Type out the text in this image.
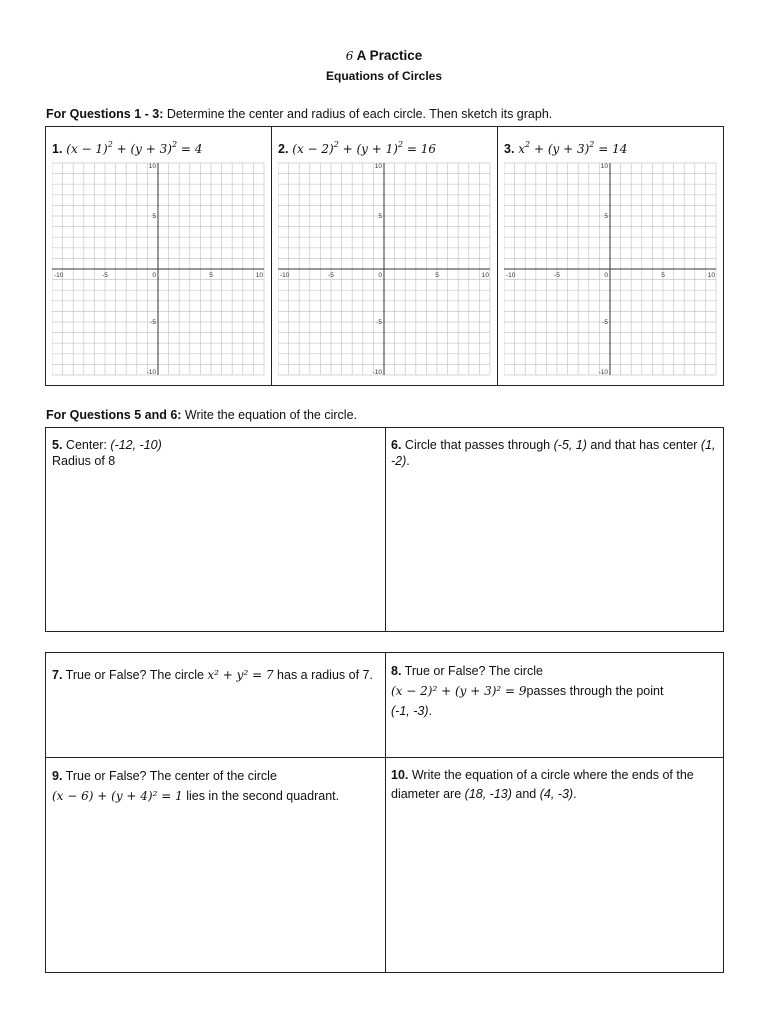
6 A Practice
Equations of Circles
For Questions 1 - 3: Determine the center and radius of each circle. Then sketch its graph.
1. $(x - 1)^2 + (y + 3)^2 = 4$	2. $(x - 2)^2 + (y + 1)^2 = 16$	3. $x^2 + (y + 3)^2 = 14$
10
5
-5
-10
-10	-5	0	5	10
10
5
-5
-10
-10	-5	0	5	10
10
5
-5
-10
-10	-5	0	5	10
For Questions 5 and 6: Write the equation of the circle.
5. Center: (-12, -10)
Radius of 8
6. Circle that passes through (-5, 1) and that has center (1, -2).
7. True or False? The circle x² + y² = 7 has a radius of 7.	8. True or False? The circle
(x − 2)² + (y + 3)² = 9passes through the point
(-1, -3).
9. True or False? The center of the circle
(x − 6) + (y + 4)² = 1 lies in the second quadrant.
10. Write the equation of a circle where the ends of the diameter are (18, -13) and (4, -3).
